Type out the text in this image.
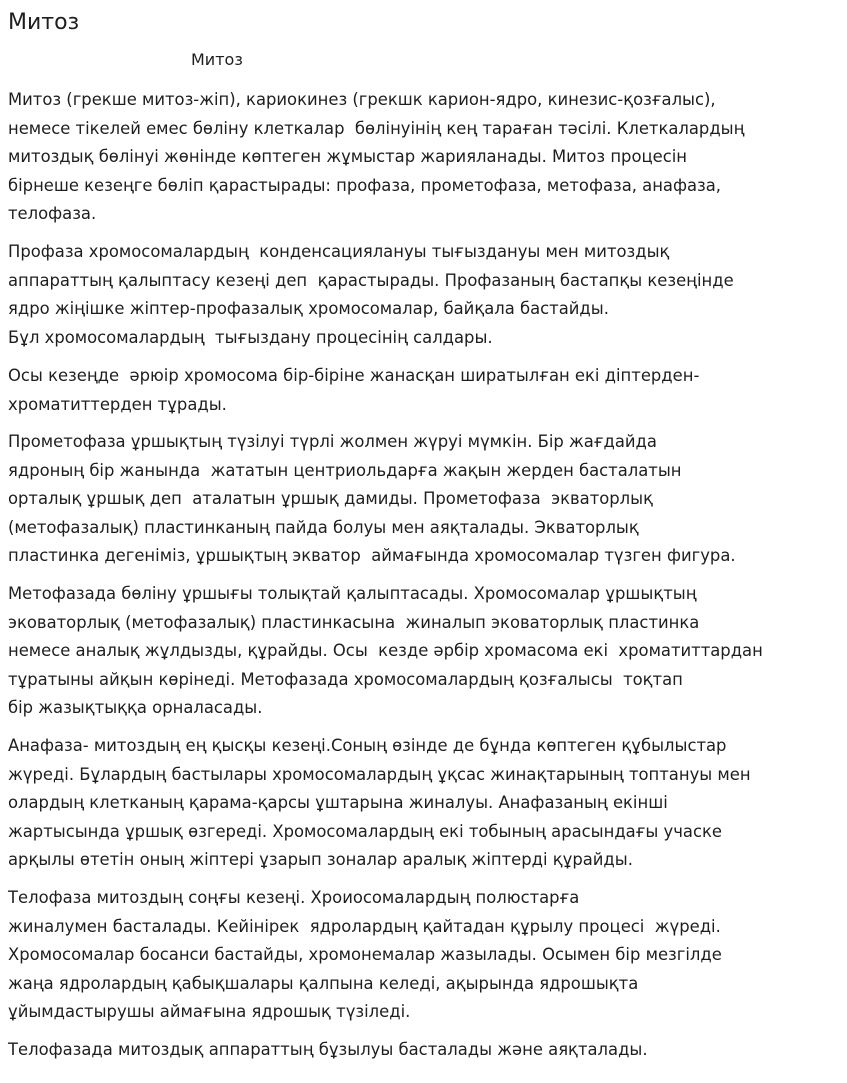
Митоз
Митоз

Митоз (грекше митоз-жіп), кариокинез (грекшк карион-ядро, кинезис-қозғалыс),
немесе тікелей емес бөліну клеткалар  бөлінуінің кең тараған тәсілі. Клеткалардың
митоздық бөлінуі жөнінде көптеген жұмыстар жарияланады. Митоз процесін
бірнеше кезеңге бөліп қарастырады: профаза, прометофаза, метофаза, анафаза,
телофаза.

Профаза хромосомалардың  конденсациялануы тығыздануы мен митоздық
аппараттың қалыптасу кезеңі деп  қарастырады. Профазаның бастапқы кезеңінде
ядро жіңішке жіптер-профазалық хромосомалар, байқала бастайды.
Бұл хромосомалардың  тығыздану процесінің салдары.

Осы кезеңде  әрюір хромосома бір-біріне жанасқан ширатылған екі діптерден-
хроматиттерден тұрады.

Прометофаза ұршықтың түзілуі түрлі жолмен жүруі мүмкін. Бір жағдайда
ядроның бір жанында  жататын центриольдарға жақын жерден басталатын
орталық ұршық деп  аталатын ұршық дамиды. Прометофаза  экваторлық
(метофазалық) пластинканың пайда болуы мен аяқталады. Экваторлық
пластинка дегеніміз, ұршықтың экватор  аймағында хромосомалар түзген фигура.

Метофазада бөліну ұршығы толықтай қалыптасады. Хромосомалар ұршықтың
эковаторлық (метофазалық) пластинкасына  жиналып эковаторлық пластинка
немесе аналық жұлдызды, құрайды. Осы  кезде әрбір хромасома екі  хроматиттардан
тұратыны айқын көрінеді. Метофазада хромосомалардың қозғалысы  тоқтап
бір жазықтыққа орналасады.

Анафаза- митоздың ең қысқы кезеңі.Соның өзінде де бұнда көптеген құбылыстар
жүреді. Бұлардың бастылары хромосомалардың ұқсас жинақтарының топтануы мен
олардың клетканың қарама-қарсы ұштарына жиналуы. Анафазаның екінші
жартысында ұршық өзгереді. Хромосомалардың екі тобының арасындағы учаске
арқылы өтетін оның жіптері ұзарып зоналар аралық жіптерді құрайды.

Телофаза митоздың соңғы кезеңі. Хроиосомалардың полюстарға
жиналумен басталады. Кейінірек  ядролардың қайтадан құрылу процесі  жүреді.
Хромосомалар босанси бастайды, хромонемалар жазылады. Осымен бір мезгілде
жаңа ядролардың қабықшалары қалпына келеді, ақырында ядрошықта
ұйымдастырушы аймағына ядрошық түзіледі.

Телофазада митоздық аппараттың бұзылуы басталады және аяқталады.
